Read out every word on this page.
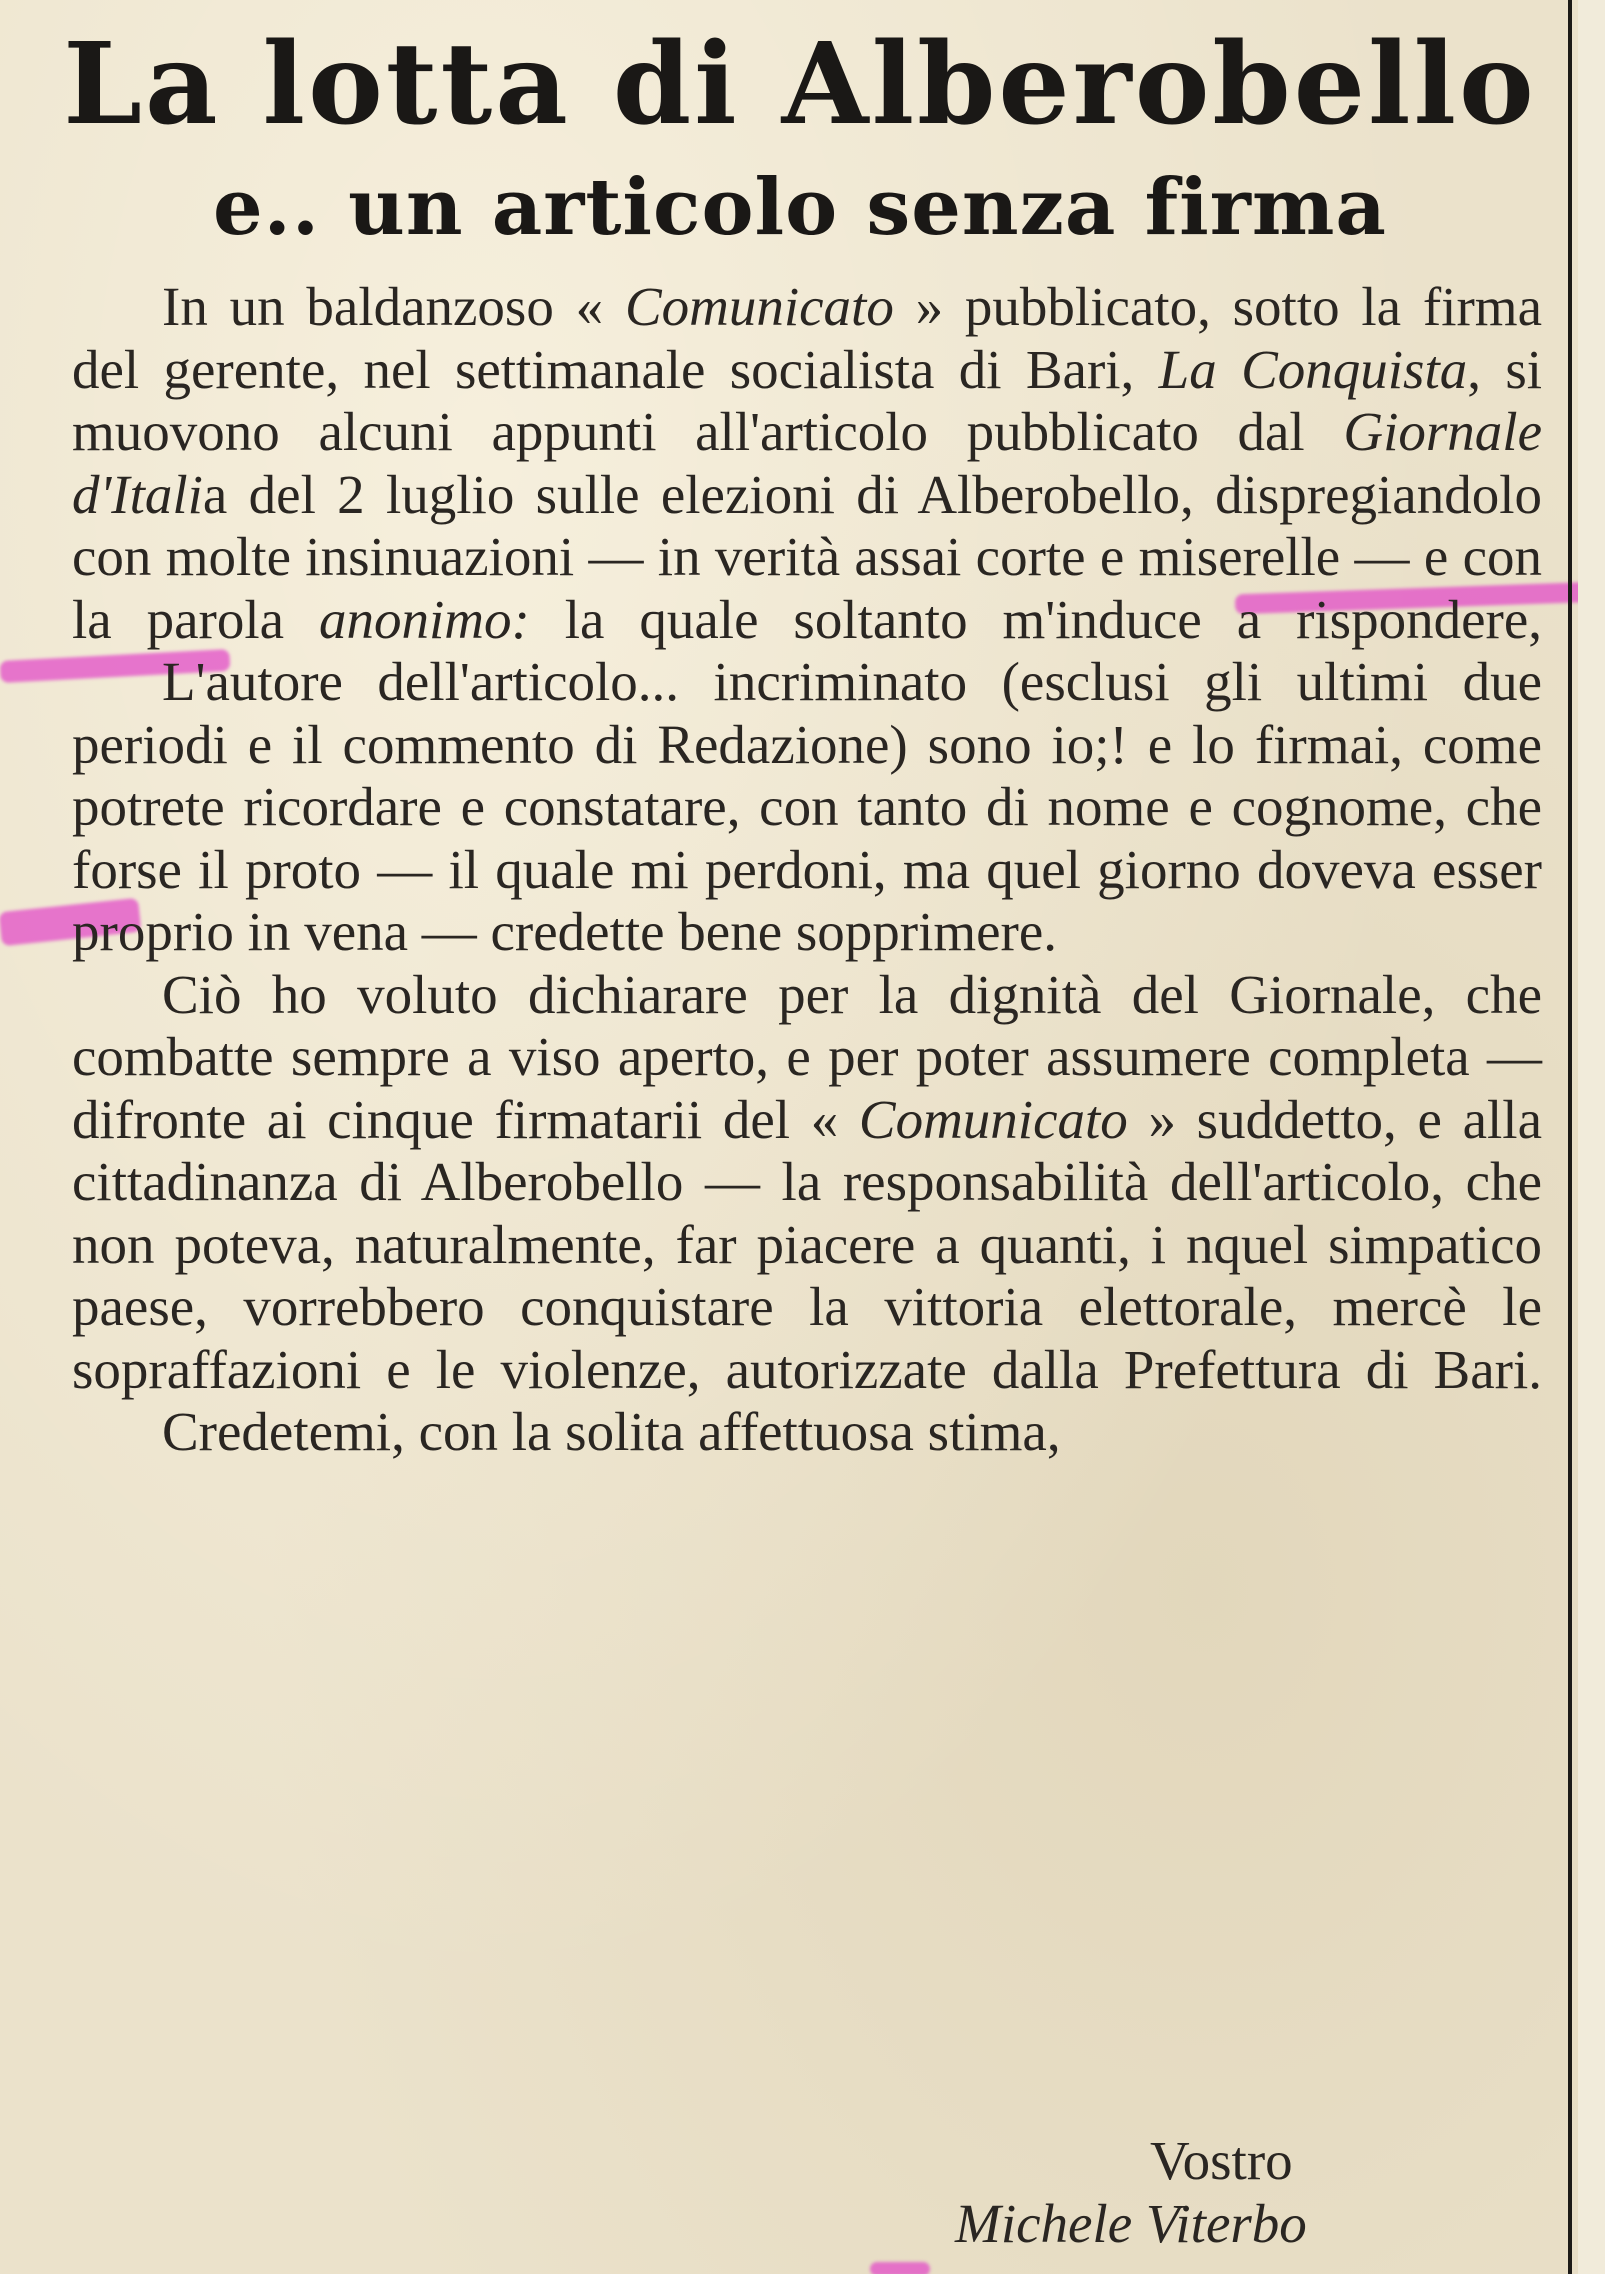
La lotta di Alberobello
e.. un articolo senza firma

In un baldanzoso « Comunicato » pubblicato, sotto la firma del gerente, nel settimanale socialista di Bari, La Conquista, si muovono alcuni appunti all'articolo pubblicato dal Giornale d'Italia del 2 luglio sulle elezioni di Alberobello, dispregiandolo con molte insinuazioni — in verità assai corte e miserelle — e con la parola anonimo: la quale soltanto m'induce a rispondere,

L'autore dell'articolo... incriminato (esclusi gli ultimi due periodi e il commento di Redazione) sono io;! e lo firmai, come potrete ricordare e constatare, con tanto di nome e cognome, che forse il proto — il quale mi perdoni, ma quel giorno doveva esser proprio in vena — credette bene sopprimere.

Ciò ho voluto dichiarare per la dignità del Giornale, che combatte sempre a viso aperto, e per poter assumere completa — difronte ai cinque firmatarii del « Comunicato » suddetto, e alla cittadinanza di Alberobello — la responsabilità dell'articolo, che non poteva, naturalmente, far piacere a quanti, i nquel simpatico paese, vorrebbero conquistare la vittoria elettorale, mercè le sopraffazioni e le violenze, autorizzate dalla Prefettura di Bari.

Credetemi, con la solita affettuosa stima,

Vostro
Michele Viterbo
